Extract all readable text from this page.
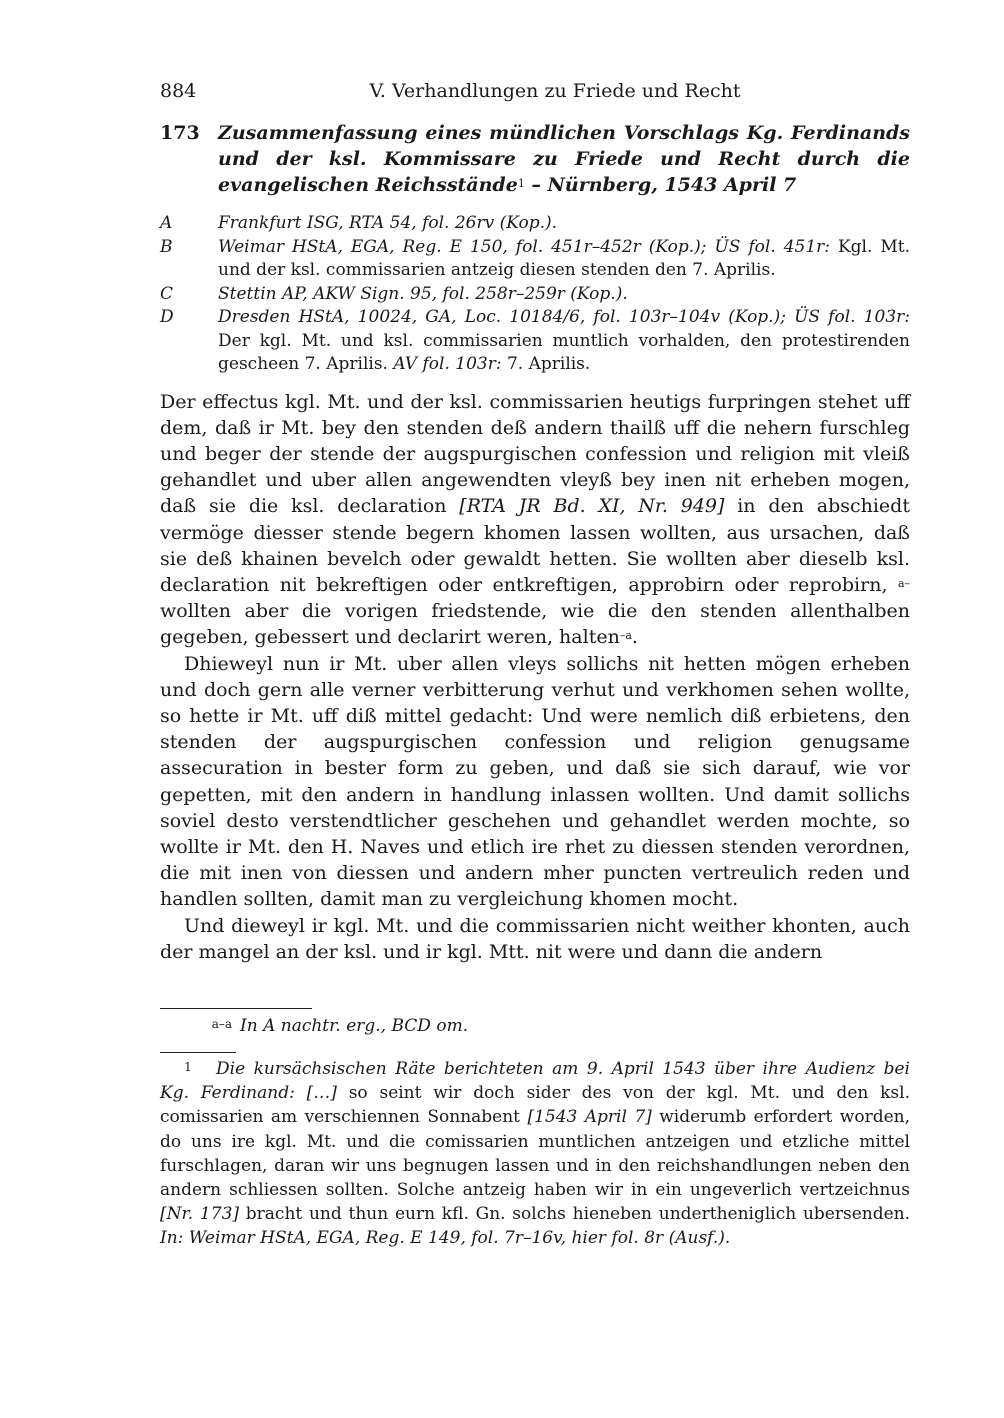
884	V. Verhandlungen zu Friede und Recht
173 Zusammenfassung eines mündlichen Vorschlags Kg. Ferdinands und der ksl. Kommissare zu Friede und Recht durch die evangelischen Reichsstände$^1$ – Nürnberg, 1543 April 7
A	Frankfurt ISG, RTA 54, fol. 26rv (Kop.).
B	Weimar HStA, EGA, Reg. E 150, fol. 451r–452r (Kop.); ÜS fol. 451r: Kgl. Mt. und der ksl. commissarien antzeig diesen stenden den 7. Aprilis.
C	Stettin AP, AKW Sign. 95, fol. 258r–259r (Kop.).
D	Dresden HStA, 10024, GA, Loc. 10184/6, fol. 103r–104v (Kop.); ÜS fol. 103r: Der kgl. Mt. und ksl. commissarien muntlich vorhalden, den protestirenden gescheen 7. Aprilis. AV fol. 103r: 7. Aprilis.

Der effectus kgl. Mt. und der ksl. commissarien heutigs furpringen stehet uff dem, daß ir Mt. bey den stenden deß andern thailß uff die nehern furschleg und beger der stende der augspurgischen confession und religion mit vleiß gehandlet und uber allen angewendten vleyß bey inen nit erheben mogen, daß sie die ksl. declaration [RTA JR Bd. XI, Nr. 949] in den abschiedt vermöge diesser stende begern khomen lassen wollten, aus ursachen, daß sie deß khainen bevelch oder gewaldt hetten. Sie wollten aber dieselb ksl. declaration nit bekreftigen oder entkreftigen, approbirn oder reprobirn, $^{a-}$wollten aber die vorigen friedstende, wie die den stenden allenthalben gegeben, gebessert und declarirt weren, halten$^{-a}$.

Dhieweyl nun ir Mt. uber allen vleys sollichs nit hetten mögen erheben und doch gern alle verner verbitterung verhut und verkhomen sehen wollte, so hette ir Mt. uff diß mittel gedacht: Und were nemlich diß erbietens, den stenden der augspurgischen confession und religion genugsame assecuration in bester form zu geben, und daß sie sich darauf, wie vor gepetten, mit den andern in handlung inlassen wollten. Und damit sollichs soviel desto verstendtlicher geschehen und gehandlet werden mochte, so wollte ir Mt. den H. Naves und etlich ire rhet zu diessen stenden verordnen, die mit inen von diessen und andern mher puncten vertreulich reden und handlen sollten, damit man zu vergleichung khomen mocht.

Und dieweyl ir kgl. Mt. und die commissarien nicht weither khonten, auch der mangel an der ksl. und ir kgl. Mtt. nit were und dann die andern

a–a In A nachtr. erg., BCD om.
1 Die kursächsischen Räte berichteten am 9. April 1543 über ihre Audienz bei Kg. Ferdinand: […] so seint wir doch sider des von der kgl. Mt. und den ksl. comissarien am verschiennen Sonnabent [1543 April 7] widerumb erfordert worden, do uns ire kgl. Mt. und die comissarien muntlichen antzeigen und etzliche mittel furschlagen, daran wir uns begnugen lassen und in den reichshandlungen neben den andern schliessen sollten. Solche antzeig haben wir in ein ungeverlich vertzeichnus [Nr. 173] bracht und thun eurn kfl. Gn. solchs hieneben undertheniglich ubersenden. In: Weimar HStA, EGA, Reg. E 149, fol. 7r–16v, hier fol. 8r (Ausf.).
